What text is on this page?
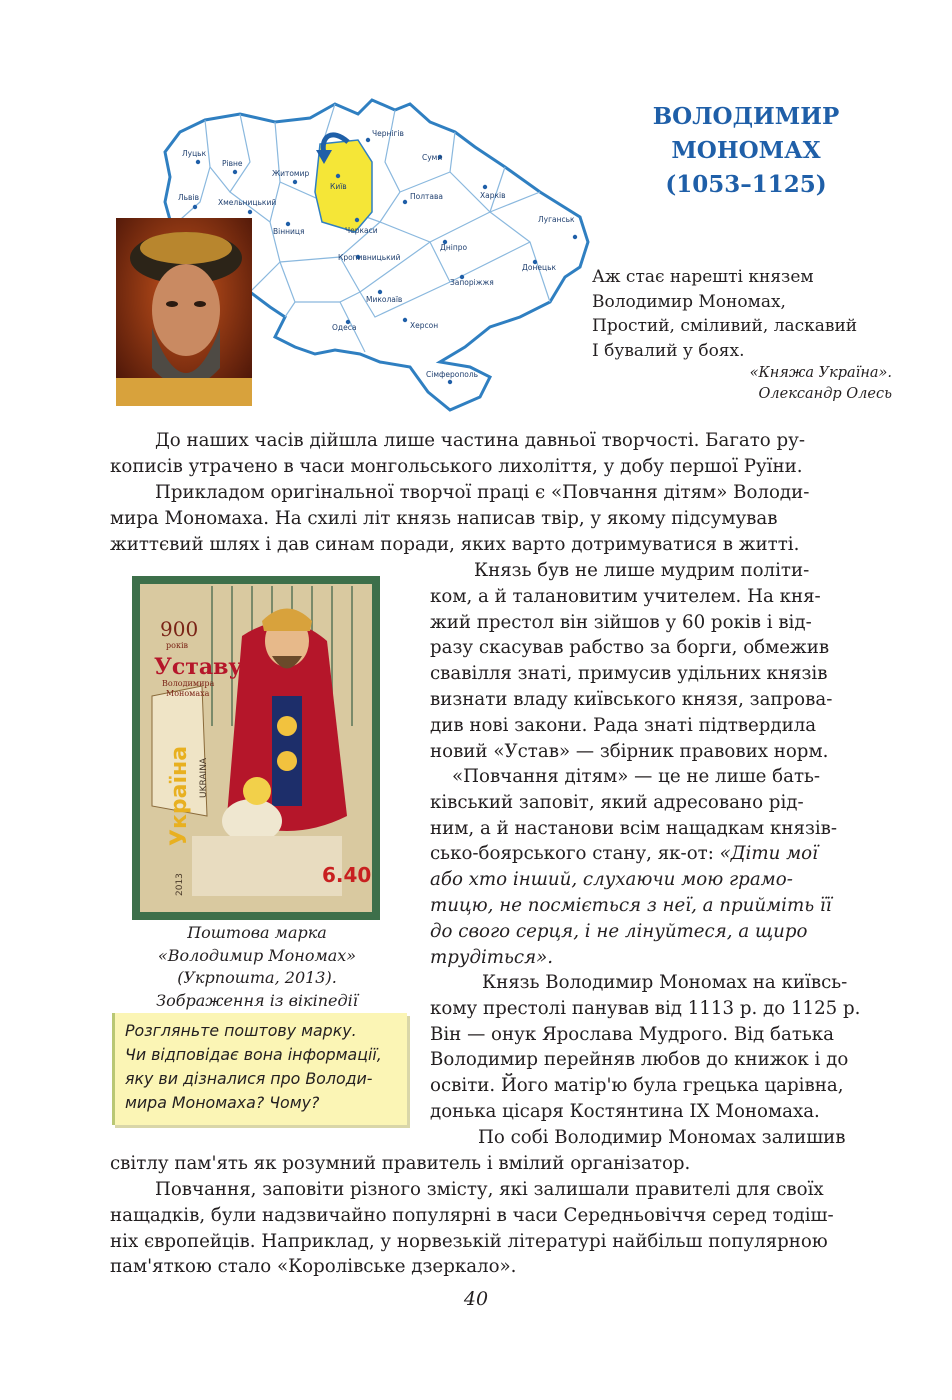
Луцьк
Рівне
Львів
Хмельницький
Житомир
Київ
Чернігів
Суми
Полтава	Харків
Луганськ
Вінниця	Черкаси
Дніпро
Донецьк
Кропивницький
Запоріжжя
Миколаїв
Одеса	Херсон
Сімферополь
ВОЛОДИМИР
МОНОМАХ
(1053–1125)
Аж стає нарешті князем
Володимир Мономах,
Простий, сміливий, ласкавий
І бувалий у боях.
«Княжа Україна».
Олександр Олесь
До наших часів дійшла лише частина давньої творчості. Багато ру-
кописів утрачено в часи монгольського лихоліття, у добу першої Руїни.
Прикладом оригінальної творчої праці є «Повчання дітям» Володи-
мира Мономаха. На схилі літ князь написав твір, у якому підсумував
життєвий шлях і дав синам поради, яких варто дотримуватися в житті.
900
років
Уставу
Володимира
Мономаха
Україна UKRAINA
2013	6.40
Поштова марка
«Володимир Мономах»
(Укрпошта, 2013).
Зображення із вікіпедії
Розгляньте поштову марку.
Чи відповідає вона інформації,
яку ви дізналися про Володи-
мира Мономаха? Чому?
Князь був не лише мудрим політи-
ком, а й талановитим учителем. На кня-
жий престол він зійшов у 60 років і від-
разу скасував рабство за борги, обмежив
свавілля знаті, примусив удільних князів
визнати владу київського князя, запрова-
див нові закони. Рада знаті підтвердила
новий «Устав» — збірник правових норм.
«Повчання дітям» — це не лише бать-
ківський заповіт, який адресовано рід-
ним, а й настанови всім нащадкам князів-
сько-боярського стану, як-от: «Діти мої
або хто інший, слухаючи мою грамо-
тицю, не посміється з неї, а прийміть її
до свого серця, і не лінуйтеся, а щиро
трудіться».
Князь Володимир Мономах на київсь-
кому престолі панував від 1113 р. до 1125 р.
Він — онук Ярослава Мудрого. Від батька
Володимир перейняв любов до книжок і до
освіти. Його матір'ю була грецька царівна,
донька цісаря Костянтина IX Мономаха.
По собі Володимир Мономах залишив
світлу пам'ять як розумний правитель і вмілий організатор.
Повчання, заповіти різного змісту, які залишали правителі для своїх
нащадків, були надзвичайно популярні в часи Середньовіччя серед тодіш-
ніх європейців. Наприклад, у норвезькій літературі найбільш популярною
пам'яткою стало «Королівське дзеркало».
40
